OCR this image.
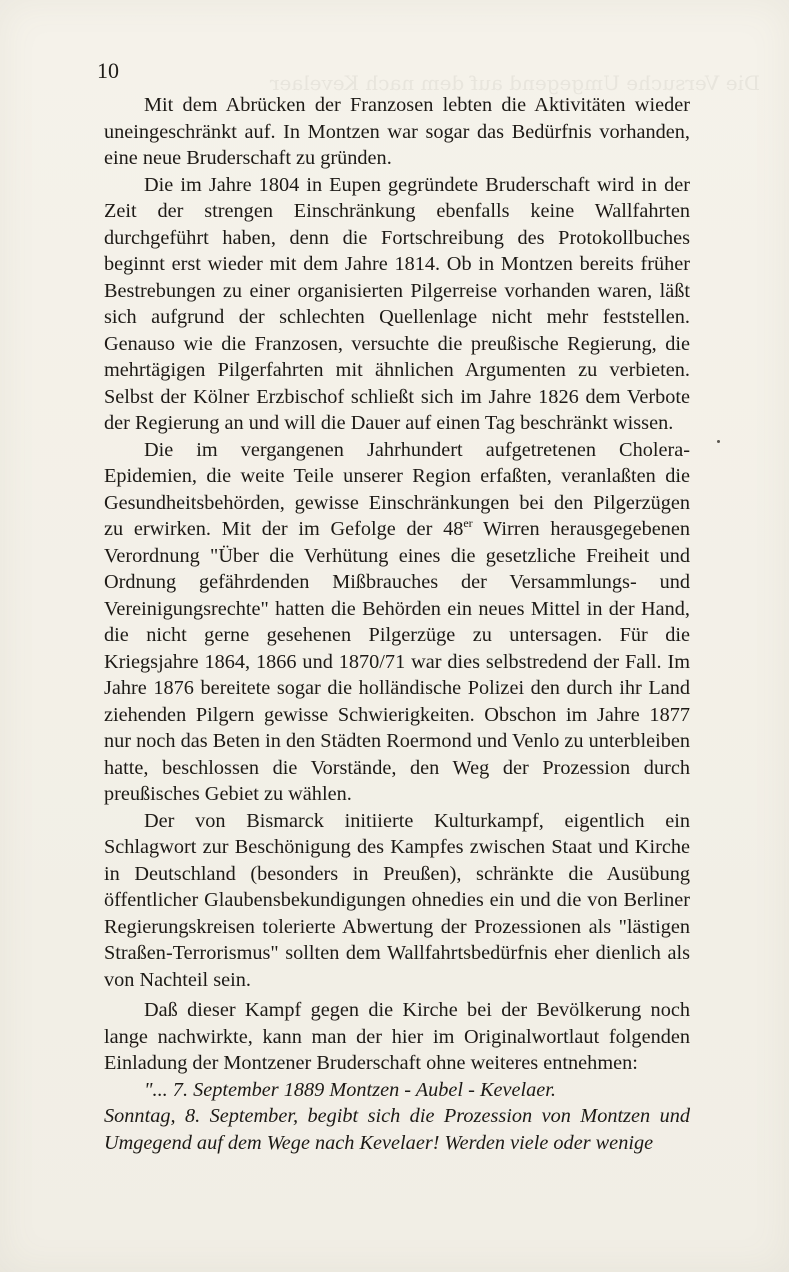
Die Versuche Umgegend auf dem nach Kevelaer
10

Mit dem Abrücken der Franzosen lebten die Aktivitäten wieder uneingeschränkt auf. In Montzen war sogar das Bedürfnis vorhanden, eine neue Bruderschaft zu gründen.

Die im Jahre 1804 in Eupen gegründete Bruderschaft wird in der Zeit der strengen Einschränkung ebenfalls keine Wallfahrten durchgeführt haben, denn die Fortschreibung des Protokollbuches beginnt erst wieder mit dem Jahre 1814. Ob in Montzen bereits früher Bestrebungen zu einer organisierten Pilgerreise vorhanden waren, läßt sich aufgrund der schlechten Quellenlage nicht mehr feststellen. Genauso wie die Franzosen, versuchte die preußische Regierung, die mehrtägigen Pilgerfahrten mit ähnlichen Argumenten zu verbieten. Selbst der Kölner Erzbischof schließt sich im Jahre 1826 dem Verbote der Regierung an und will die Dauer auf einen Tag beschränkt wissen.

Die im vergangenen Jahrhundert aufgetretenen Cholera-Epidemien, die weite Teile unserer Region erfaßten, veranlaßten die Gesundheitsbehörden, gewisse Einschränkungen bei den Pilgerzügen zu erwirken. Mit der im Gefolge der 48er Wirren herausgegebenen Verordnung "Über die Verhütung eines die gesetzliche Freiheit und Ordnung gefährdenden Mißbrauches der Versammlungs- und Vereinigungsrechte" hatten die Behörden ein neues Mittel in der Hand, die nicht gerne gesehenen Pilgerzüge zu untersagen. Für die Kriegsjahre 1864, 1866 und 1870/71 war dies selbstredend der Fall. Im Jahre 1876 bereitete sogar die holländische Polizei den durch ihr Land ziehenden Pilgern gewisse Schwierigkeiten. Obschon im Jahre 1877 nur noch das Beten in den Städten Roermond und Venlo zu unterbleiben hatte, beschlossen die Vorstände, den Weg der Prozession durch preußisches Gebiet zu wählen.

Der von Bismarck initiierte Kulturkampf, eigentlich ein Schlagwort zur Beschönigung des Kampfes zwischen Staat und Kirche in Deutschland (besonders in Preußen), schränkte die Ausübung öffentlicher Glaubensbekundigungen ohnedies ein und die von Berliner Regierungskreisen tolerierte Abwertung der Prozessionen als "lästigen Straßen-Terrorismus" sollten dem Wallfahrtsbedürfnis eher dienlich als von Nachteil sein.

Daß dieser Kampf gegen die Kirche bei der Bevölkerung noch lange nachwirkte, kann man der hier im Originalwortlaut folgenden Einladung der Montzener Bruderschaft ohne weiteres entnehmen:

"... 7. September 1889 Montzen - Aubel - Kevelaer.

Sonntag, 8. September, begibt sich die Prozession von Montzen und Umgegend auf dem Wege nach Kevelaer! Werden viele oder wenige
